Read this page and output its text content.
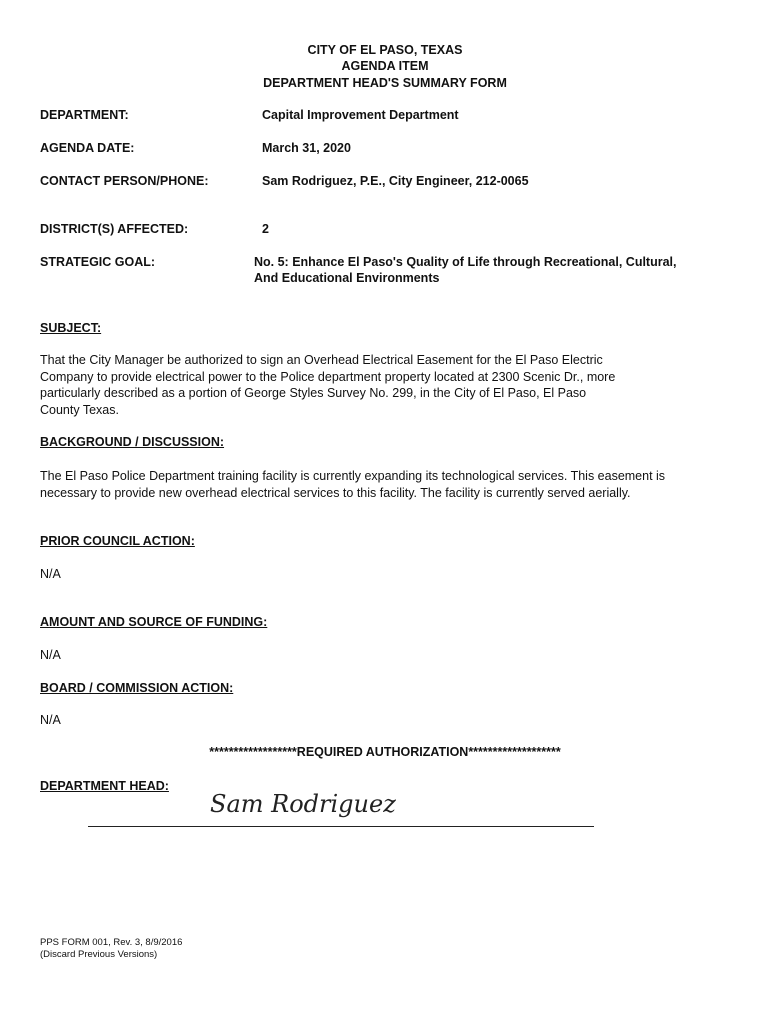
CITY OF EL PASO, TEXAS
AGENDA ITEM
DEPARTMENT HEAD'S SUMMARY FORM
DEPARTMENT:	Capital Improvement Department
AGENDA DATE:	March 31, 2020
CONTACT PERSON/PHONE:	Sam Rodriguez, P.E., City Engineer, 212-0065
DISTRICT(S) AFFECTED:	2
STRATEGIC GOAL:	No. 5: Enhance El Paso's Quality of Life through Recreational, Cultural,
And Educational Environments
SUBJECT:
That the City Manager be authorized to sign an Overhead Electrical Easement for the El Paso Electric
Company to provide electrical power to the Police department property located at 2300 Scenic Dr., more
particularly described as a portion of George Styles Survey No. 299, in the City of El Paso, El Paso
County Texas.
BACKGROUND / DISCUSSION:
The El Paso Police Department training facility is currently expanding its technological services. This easement is
necessary to provide new overhead electrical services to this facility. The facility is currently served aerially.
PRIOR COUNCIL ACTION:
N/A
AMOUNT AND SOURCE OF FUNDING:
N/A
BOARD / COMMISSION ACTION:
N/A
******************REQUIRED AUTHORIZATION*******************
DEPARTMENT HEAD:
Sam Rodriguez
PPS FORM 001, Rev. 3, 8/9/2016
(Discard Previous Versions)
